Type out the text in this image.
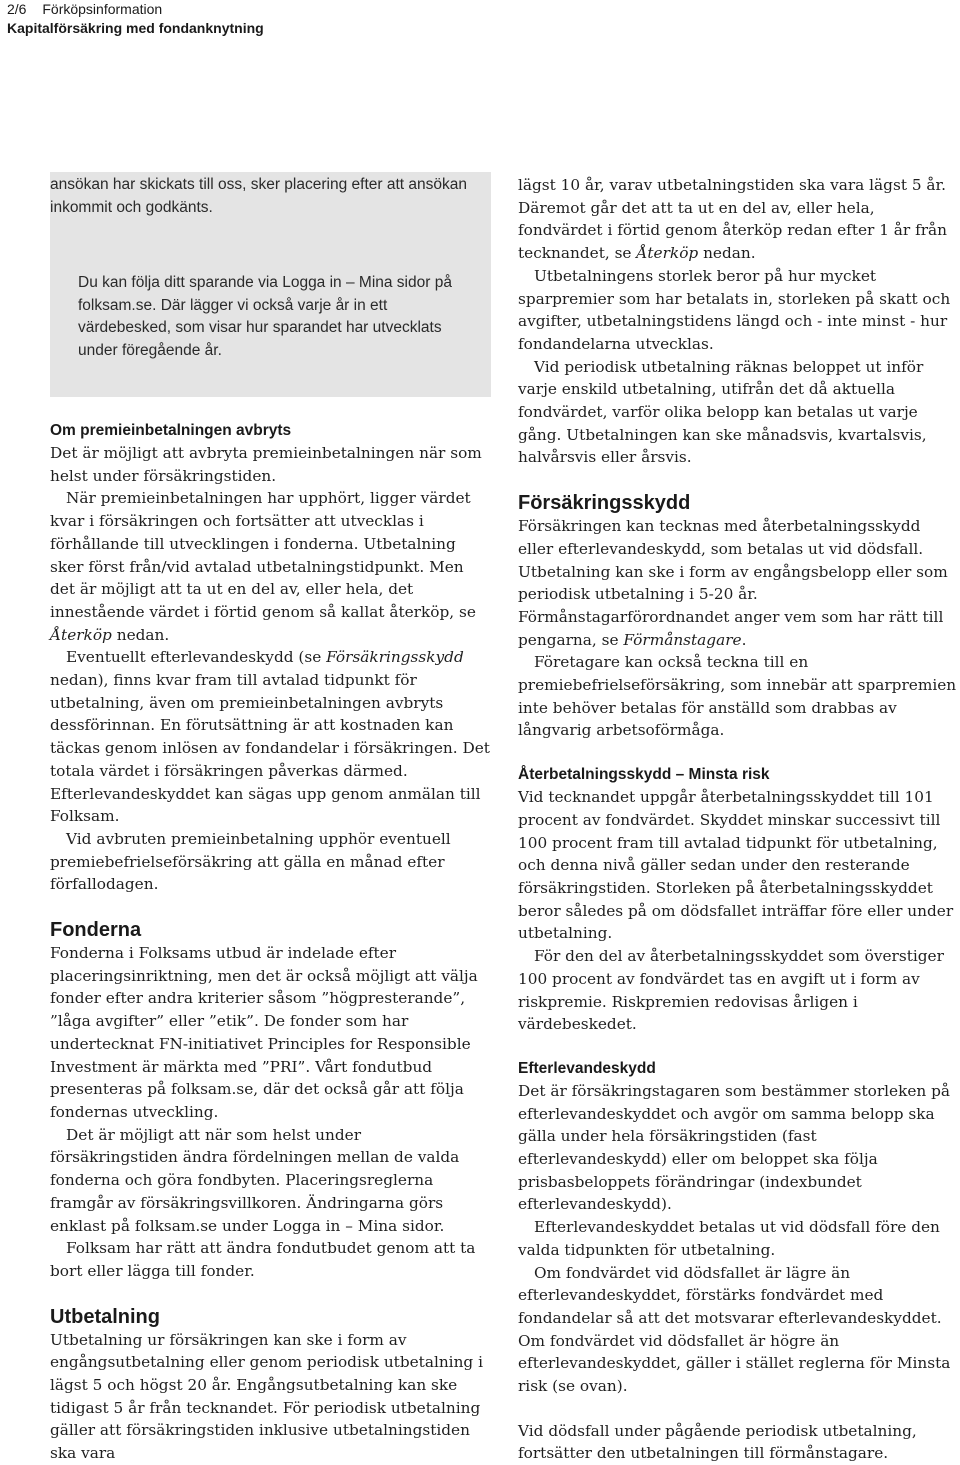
2/6 Förköpsinformation
Kapitalförsäkring med fondanknytning
ansökan har skickats till oss, sker placering efter att ansökan inkommit och godkänts.
Du kan följa ditt sparande via Logga in – Mina sidor på folksam.se. Där lägger vi också varje år in ett värdebesked, som visar hur sparandet har utvecklats under föregående år.
Om premieinbetalningen avbryts

Det är möjligt att avbryta premieinbetalningen när som helst under försäkringstiden.

När premieinbetalningen har upphört, ligger värdet kvar i försäkringen och fortsätter att utvecklas i förhållande till utvecklingen i fonderna. Utbetalning sker först från/vid avtalad utbetalningstidpunkt. Men det är möjligt att ta ut en del av, eller hela, det innestående värdet i förtid genom så kallat återköp, se Återköp nedan.

Eventuellt efterlevandeskydd (se Försäkringsskydd nedan), finns kvar fram till avtalad tidpunkt för utbetalning, även om premieinbetalningen avbryts dessförinnan. En förutsättning är att kostnaden kan täckas genom inlösen av fondandelar i försäkringen. Det totala värdet i försäkringen påverkas därmed. Efterlevandeskyddet kan sägas upp genom anmälan till Folksam.

Vid avbruten premieinbetalning upphör eventuell premiebefrielseförsäkring att gälla en månad efter förfallodagen.

Fonderna

Fonderna i Folksams utbud är indelade efter placeringsinriktning, men det är också möjligt att välja fonder efter andra kriterier såsom ”högpresterande”, ”låga avgifter” eller ”etik”. De fonder som har undertecknat FN-initiativet Principles for Responsible Investment är märkta med ”PRI”. Vårt fondutbud presenteras på folksam.se, där det också går att följa fondernas utveckling.

Det är möjligt att när som helst under försäkringstiden ändra fördelningen mellan de valda fonderna och göra fondbyten. Placeringsreglerna framgår av försäkringsvillkoren. Ändringarna görs enklast på folksam.se under Logga in – Mina sidor.

Folksam har rätt att ändra fondutbudet genom att ta bort eller lägga till fonder.

Utbetalning

Utbetalning ur försäkringen kan ske i form av engångsutbetalning eller genom periodisk utbetalning i lägst 5 och högst 20 år. Engångsutbetalning kan ske tidigast 5 år från tecknandet. För periodisk utbetalning gäller att försäkringstiden inklusive utbetalningstiden ska vara

lägst 10 år, varav utbetalningstiden ska vara lägst 5 år. Däremot går det att ta ut en del av, eller hela, fondvärdet i förtid genom återköp redan efter 1 år från tecknandet, se Återköp nedan.

Utbetalningens storlek beror på hur mycket sparpremier som har betalats in, storleken på skatt och avgifter, utbetalningstidens längd och - inte minst - hur fondandelarna utvecklas.

Vid periodisk utbetalning räknas beloppet ut inför varje enskild utbetalning, utifrån det då aktuella fondvärdet, varför olika belopp kan betalas ut varje gång. Utbetalningen kan ske månadsvis, kvartalsvis, halvårsvis eller årsvis.

Försäkringsskydd

Försäkringen kan tecknas med återbetalningsskydd eller efterlevandeskydd, som betalas ut vid dödsfall. Utbetalning kan ske i form av engångsbelopp eller som periodisk utbetalning i 5-20 år. Förmånstagarförordnandet anger vem som har rätt till pengarna, se Förmånstagare.

Företagare kan också teckna till en premiebefrielseförsäkring, som innebär att sparpremien inte behöver betalas för anställd som drabbas av långvarig arbetsoförmåga.

Återbetalningsskydd – Minsta risk

Vid tecknandet uppgår återbetalningsskyddet till 101 procent av fondvärdet. Skyddet minskar successivt till 100 procent fram till avtalad tidpunkt för utbetalning, och denna nivå gäller sedan under den resterande försäkringstiden. Storleken på återbetalningsskyddet beror således på om dödsfallet inträffar före eller under utbetalning.

För den del av återbetalningsskyddet som överstiger 100 procent av fondvärdet tas en avgift ut i form av riskpremie. Riskpremien redovisas årligen i värdebeskedet.

Efterlevandeskydd

Det är försäkringstagaren som bestämmer storleken på efterlevandeskyddet och avgör om samma belopp ska gälla under hela försäkringstiden (fast efterlevandeskydd) eller om beloppet ska följa prisbasbeloppets förändringar (indexbundet efterlevandeskydd).

Efterlevandeskyddet betalas ut vid dödsfall före den valda tidpunkten för utbetalning.

Om fondvärdet vid dödsfallet är lägre än efterlevandeskyddet, förstärks fondvärdet med fondandelar så att det motsvarar efterlevandeskyddet. Om fondvärdet vid dödsfallet är högre än efterlevandeskyddet, gäller i stället reglerna för Minsta risk (se ovan).

Vid dödsfall under pågående periodisk utbetalning, fortsätter den utbetalningen till förmånstagare.
